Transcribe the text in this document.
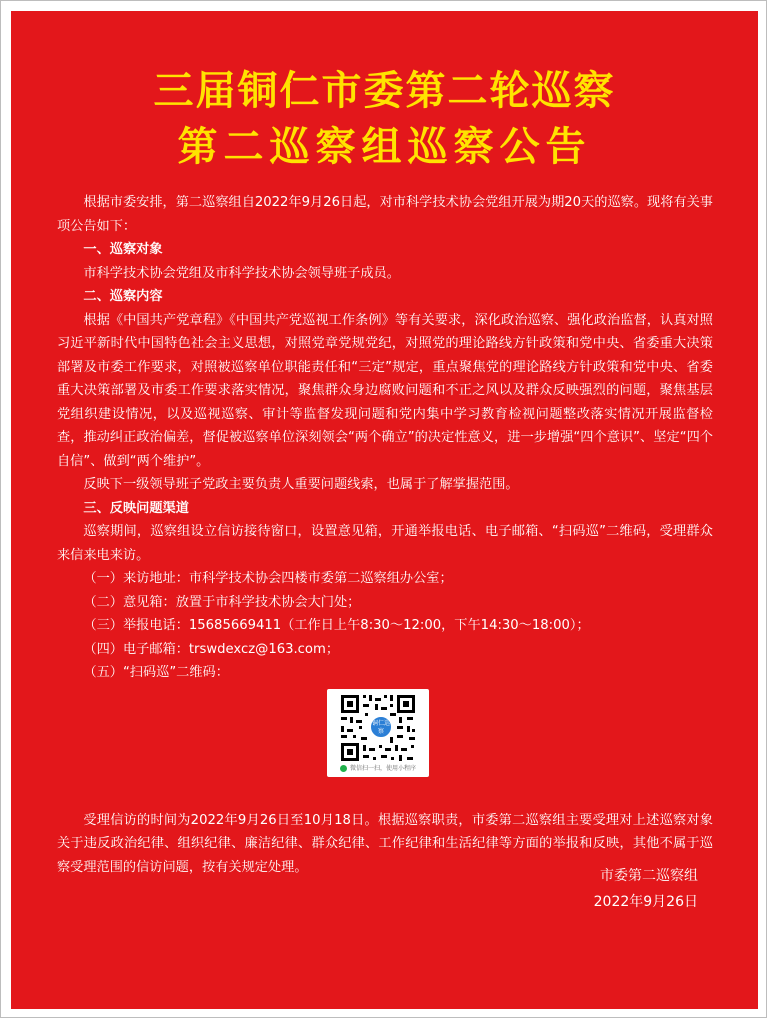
三届铜仁市委第二轮巡察
第二巡察组巡察公告
根据市委安排，第二巡察组自2022年9月26日起，对市科学技术协会党组开展为期20天的巡察。现将有关事项公告如下：
一、巡察对象
市科学技术协会党组及市科学技术协会领导班子成员。
二、巡察内容
根据《中国共产党章程》《中国共产党巡视工作条例》等有关要求，深化政治巡察、强化政治监督，认真对照习近平新时代中国特色社会主义思想，对照党章党规党纪，对照党的理论路线方针政策和党中央、省委重大决策部署及市委工作要求，对照被巡察单位职能责任和“三定”规定，重点聚焦党的理论路线方针政策和党中央、省委重大决策部署及市委工作要求落实情况，聚焦群众身边腐败问题和不正之风以及群众反映强烈的问题，聚焦基层党组织建设情况，以及巡视巡察、审计等监督发现问题和党内集中学习教育检视问题整改落实情况开展监督检查，推动纠正政治偏差，督促被巡察单位深刻领会“两个确立”的决定性意义，进一步增强“四个意识”、坚定“四个自信”、做到“两个维护”。
反映下一级领导班子党政主要负责人重要问题线索，也属于了解掌握范围。
三、反映问题渠道
巡察期间，巡察组设立信访接待窗口，设置意见箱，开通举报电话、电子邮箱、“扫码巡”二维码，受理群众来信来电来访。
（一）来访地址：市科学技术协会四楼市委第二巡察组办公室；
（二）意见箱：放置于市科学技术协会大门处；
（三）举报电话：15685669411（工作日上午8:30～12:00，下午14:30～18:00）；
（四）电子邮箱：trswdexcz@163.com；
（五）“扫码巡”二维码：
铜仁巡察
微信扫一扫，使用小程序
受理信访的时间为2022年9月26日至10月18日。根据巡察职责，市委第二巡察组主要受理对上述巡察对象关于违反政治纪律、组织纪律、廉洁纪律、群众纪律、工作纪律和生活纪律等方面的举报和反映，其他不属于巡察受理范围的信访问题，按有关规定处理。
市委第二巡察组
2022年9月26日
